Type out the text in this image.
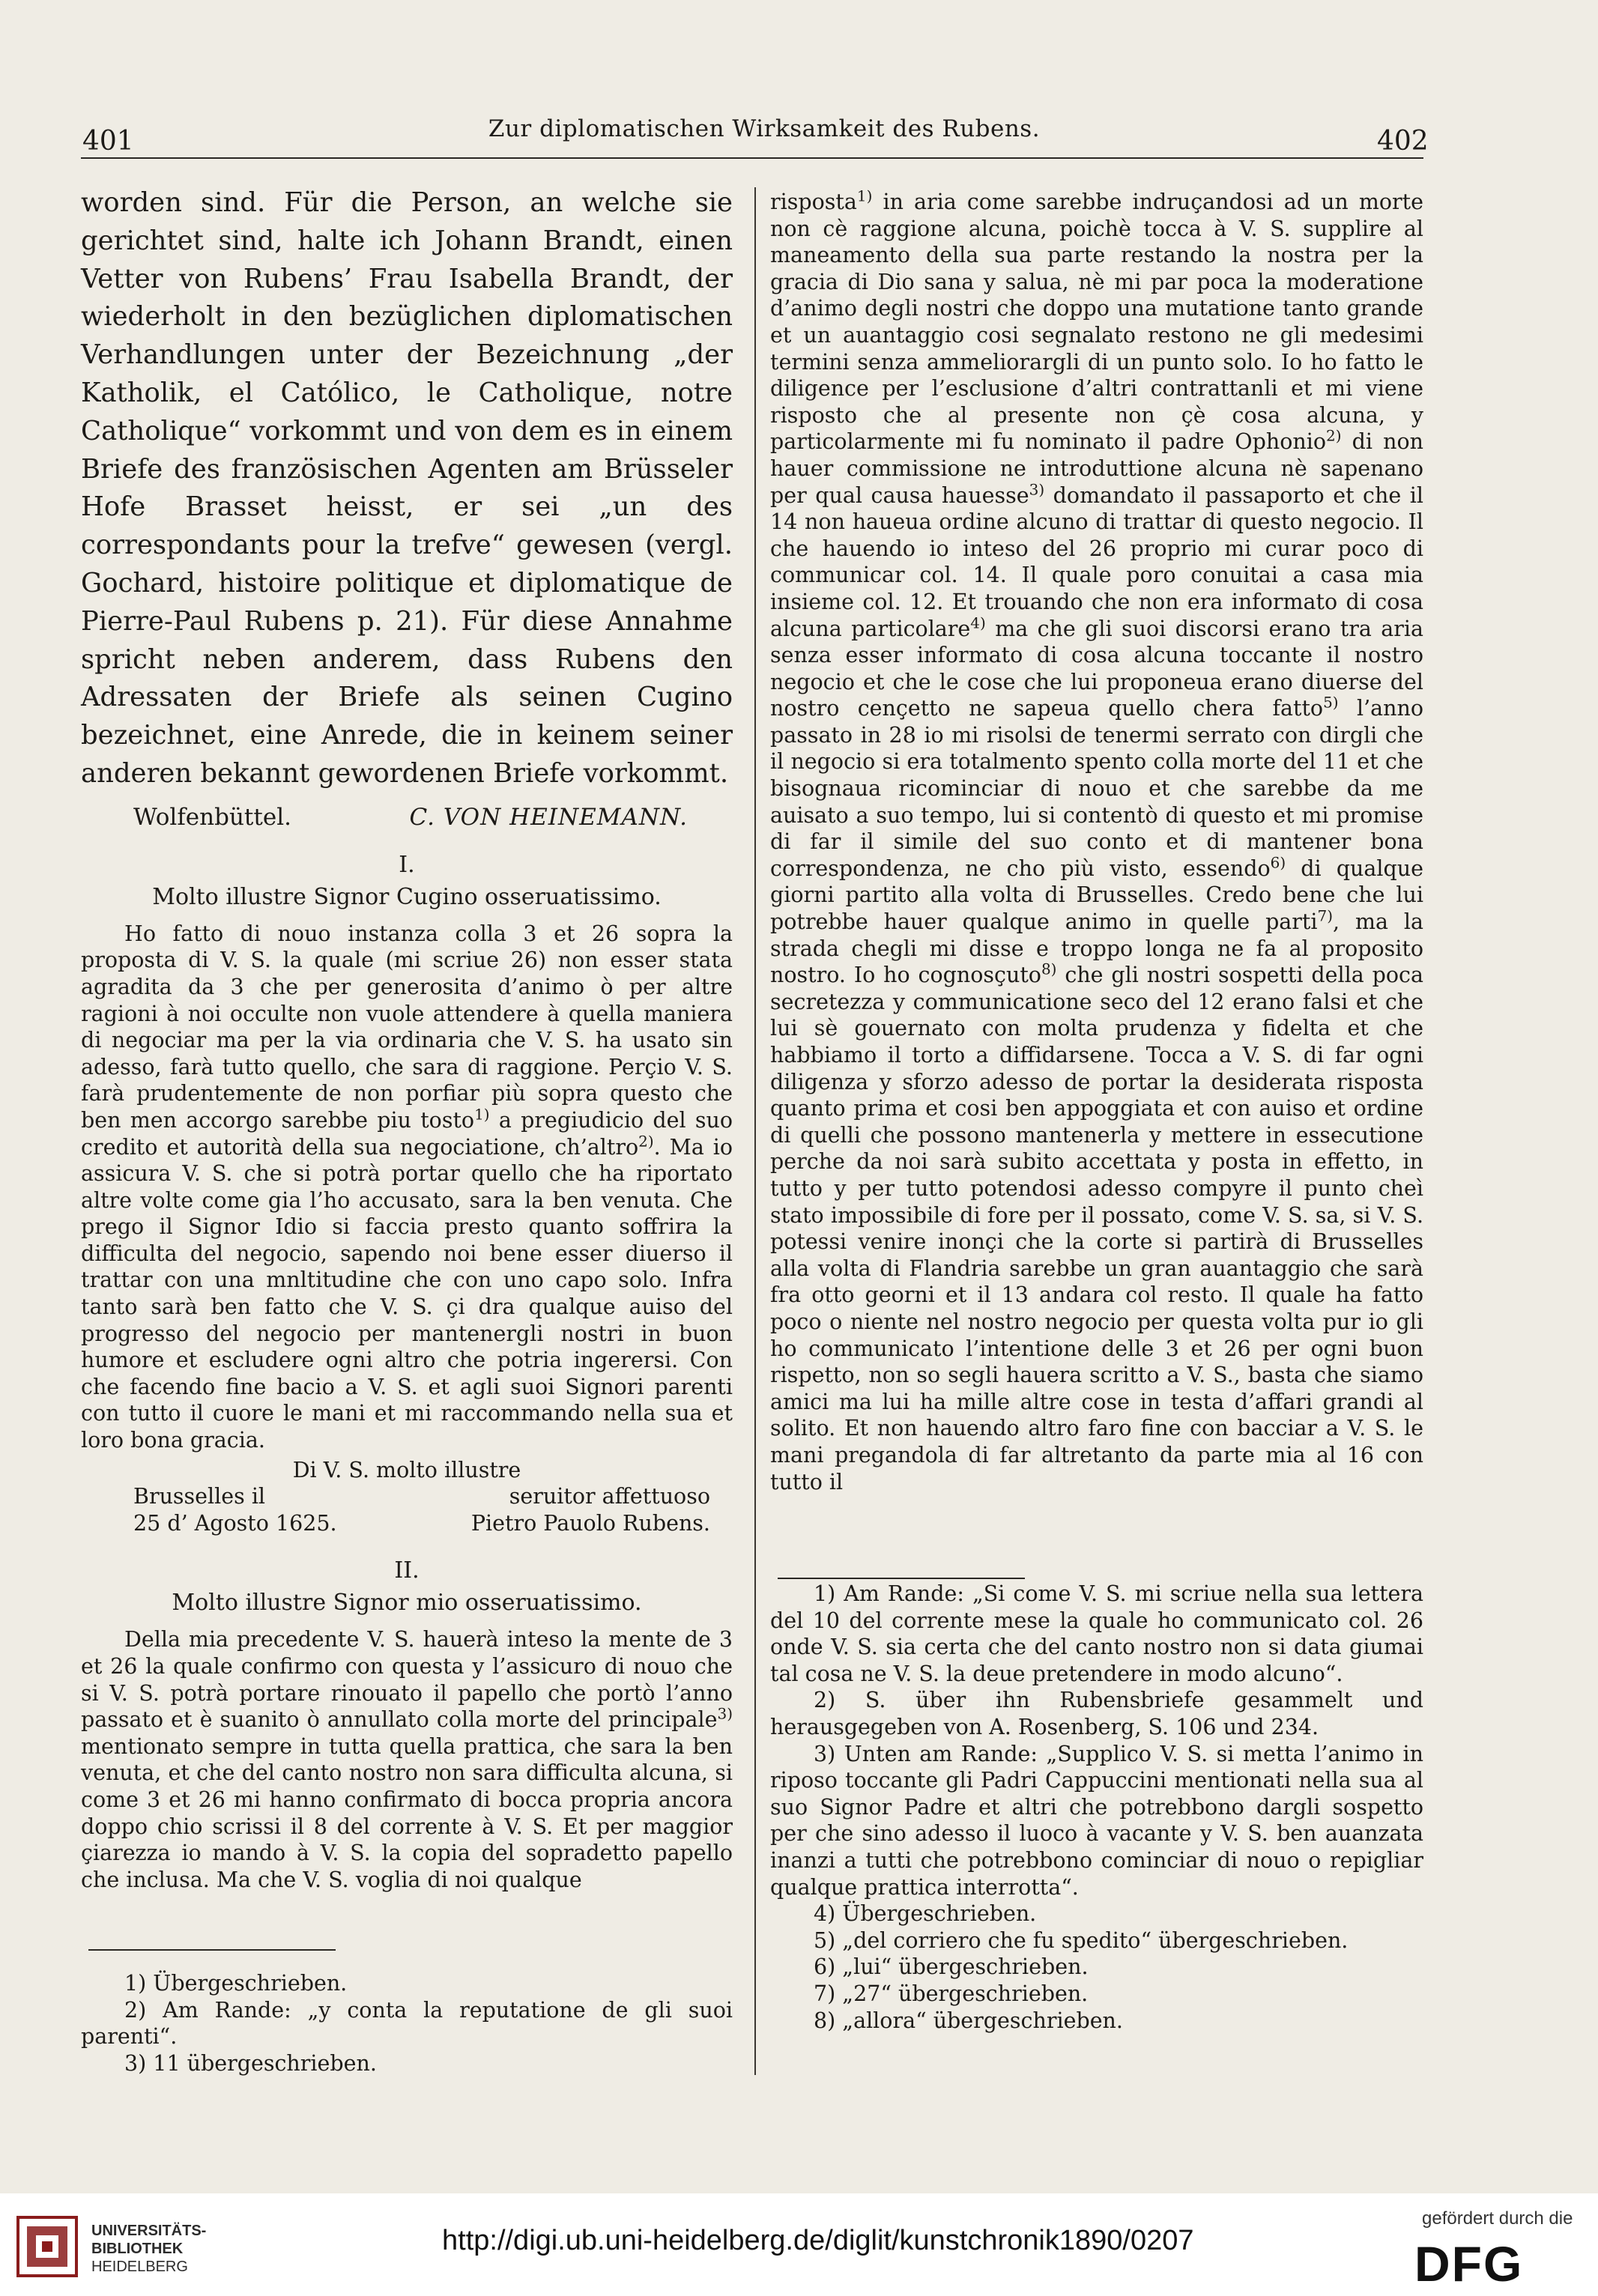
401	Zur diplomatischen Wirksamkeit des Rubens.	402

worden sind. Für die Person, an welche sie gerichtet sind, halte ich Johann Brandt, einen Vetter von Rubens’ Frau Isabella Brandt, der wiederholt in den bezüglichen diplomatischen Verhandlungen unter der Bezeichnung „der Katholik, el Católico, le Catholique, notre Catholique“ vorkommt und von dem es in einem Briefe des französischen Agenten am Brüsseler Hofe Brasset heisst, er sei „un des correspondants pour la trefve“ gewesen (vergl. Gochard, histoire politique et diplomatique de Pierre-Paul Rubens p. 21). Für diese Annahme spricht neben anderem, dass Rubens den Adressaten der Briefe als seinen Cugino bezeichnet, eine Anrede, die in keinem seiner anderen bekannt gewordenen Briefe vorkommt.

Wolfenbüttel.	C. VON HEINEMANN.
I.
Molto illustre Signor Cugino osseruatissimo.

Ho fatto di nouo instanza colla 3 et 26 sopra la proposta di V. S. la quale (mi scriue 26) non esser stata agradita da 3 che per generosita d’animo ò per altre ragioni à noi occulte non vuole attendere à quella maniera di negociar ma per la via ordinaria che V. S. ha usato sin adesso, farà tutto quello, che sara di raggione. Perçio V. S. farà prudentemente de non porfiar più sopra questo che ben men accorgo sarebbe piu tosto$^{1)}$ a pregiudicio del suo credito et autorità della sua negociatione, ch’altro$^{2)}$. Ma io assicura V. S. che si potrà portar quello che ha riportato altre volte come gia l’ho accusato, sara la ben venuta. Che prego il Signor Idio si faccia presto quanto soffrira la difficulta del negocio, sapendo noi bene esser diuerso il trattar con una mnltitudine che con uno capo solo. Infra tanto sarà ben fatto che V. S. çi dra qualque auiso del progresso del negocio per mantenergli nostri in buon humore et escludere ogni altro che potria ingerersi. Con che facendo fine bacio a V. S. et agli suoi Signori parenti con tutto il cuore le mani et mi raccommando nella sua et loro bona gracia.

Di V. S. molto illustre
Brusselles il	seruitor affettuoso
25 d’ Agosto 1625.	Pietro Pauolo Rubens.
II.
Molto illustre Signor mio osseruatissimo.

Della mia precedente V. S. hauerà inteso la mente de 3 et 26 la quale confirmo con questa y l’assicuro di nouo che si V. S. potrà portare rinouato il papello che portò l’anno passato et è suanito ò annullato colla morte del principale$^{3)}$ mentionato sempre in tutta quella prattica, che sara la ben venuta, et che del canto nostro non sara difficulta alcuna, si come 3 et 26 mi hanno confirmato di bocca propria ancora doppo chio scrissi il 8 del corrente à V. S. Et per maggior çiarezza io mando à V. S. la copia del sopradetto papello che inclusa. Ma che V. S. voglia di noi qualque

1) Übergeschrieben.
2) Am Rande: „y conta la reputatione de gli suoi parenti“.
3) 11 übergeschrieben.

risposta$^{1)}$ in aria come sarebbe indruçandosi ad un morte non cè raggione alcuna, poichè tocca à V. S. supplire al maneamento della sua parte restando la nostra per la gracia di Dio sana y salua, nè mi par poca la moderatione d’animo degli nostri che doppo una mutatione tanto grande et un auantaggio cosi segnalato restono ne gli medesimi termini senza ammeliorargli di un punto solo. Io ho fatto le diligence per l’esclusione d’altri contrattanli et mi viene risposto che al presente non çè cosa alcuna, y particolarmente mi fu nominato il padre Ophonio$^{2)}$ di non hauer commissione ne introduttione alcuna nè sapenano per qual causa hauesse$^{3)}$ domandato il passaporto et che il 14 non haueua ordine alcuno di trattar di questo negocio. Il che hauendo io inteso del 26 proprio mi curar poco di communicar col. 14. Il quale poro conuitai a casa mia insieme col. 12. Et trouando che non era informato di cosa alcuna particolare$^{4)}$ ma che gli suoi discorsi erano tra aria senza esser informato di cosa alcuna toccante il nostro negocio et che le cose che lui proponeua erano diuerse del nostro cençetto ne sapeua quello chera fatto$^{5)}$ l’anno passato in 28 io mi risolsi de tenermi serrato con dirgli che il negocio si era totalmento spento colla morte del 11 et che bisognaua ricominciar di nouo et che sarebbe da me auisato a suo tempo, lui si contentò di questo et mi promise di far il simile del suo conto et di mantener bona correspondenza, ne cho più visto, essendo$^{6)}$ di qualque giorni partito alla volta di Brusselles. Credo bene che lui potrebbe hauer qualque animo in quelle parti$^{7)}$, ma la strada chegli mi disse e troppo longa ne fa al proposito nostro. Io ho cognosçuto$^{8)}$ che gli nostri sospetti della poca secretezza y communicatione seco del 12 erano falsi et che lui sè gouernato con molta prudenza y fidelta et che habbiamo il torto a diffidarsene. Tocca a V. S. di far ogni diligenza y sforzo adesso de portar la desiderata risposta quanto prima et cosi ben appoggiata et con auiso et ordine di quelli che possono mantenerla y mettere in essecutione perche da noi sarà subito accettata y posta in effetto, in tutto y per tutto potendosi adesso compyre il punto cheì stato impossibile di fore per il possato, come V. S. sa, si V. S. potessi venire inonçi che la corte si partirà di Brusselles alla volta di Flandria sarebbe un gran auantaggio che sarà fra otto georni et il 13 andara col resto. Il quale ha fatto poco o niente nel nostro negocio per questa volta pur io gli ho communicato l’intentione delle 3 et 26 per ogni buon rispetto, non so segli hauera scritto a V. S., basta che siamo amici ma lui ha mille altre cose in testa d’affari grandi al solito. Et non hauendo altro faro fine con bacciar a V. S. le mani pregandola di far altretanto da parte mia al 16 con tutto il

1) Am Rande: „Si come V. S. mi scriue nella sua lettera del 10 del corrente mese la quale ho communicato col. 26 onde V. S. sia certa che del canto nostro non si data giumai tal cosa ne V. S. la deue pretendere in modo alcuno“.
2) S. über ihn Rubensbriefe gesammelt und herausgegeben von A. Rosenberg, S. 106 und 234.
3) Unten am Rande: „Supplico V. S. si metta l’animo in riposo toccante gli Padri Cappuccini mentionati nella sua al suo Signor Padre et altri che potrebbono dargli sospetto per che sino adesso il luoco à vacante y V. S. ben auanzata inanzi a tutti che potrebbono cominciar di nouo o repigliar qualque prattica interrotta“.
4) Übergeschrieben.
5) „del corriero che fu spedito“ übergeschrieben.
6) „lui“ übergeschrieben.
7) „27“ übergeschrieben.
8) „allora“ übergeschrieben.
UNIVERSITÄTS-
BIBLIOTHEK
HEIDELBERG
http://digi.ub.uni-heidelberg.de/diglit/kunstchronik1890/0207
gefördert durch die
DFG
